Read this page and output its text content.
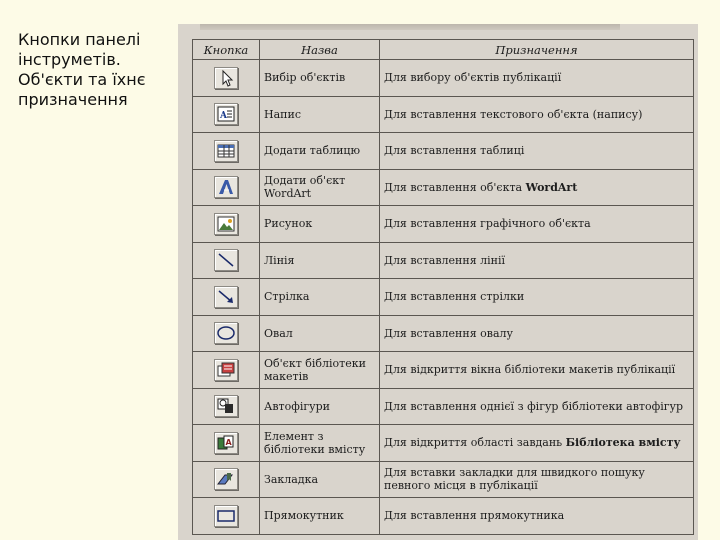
Кнопки панелі інструметів. Об'єкти та їхнє призначення
Кнопка	Назва	Призначення

	Вибір об'єктів	Для вибору об'єктів публікації

A	Напис	Для вставлення текстового об'єкта (напису)

	Додати таблицю	Для вставлення таблиці

	Додати об'єкт WordArt	Для вставлення об'єкта WordArt

	Рисунок	Для вставлення графічного об'єкта

	Лінія	Для вставлення лінії

	Стрілка	Для вставлення стрілки

	Овал	Для вставлення овалу

	Об'єкт бібліотеки макетів	Для відкриття вікна бібліотеки макетів публікації

	Автофігури	Для вставлення однієї з фігур бібліотеки автофігур

A	Елемент з бібліотеки вмісту	Для відкриття області завдань Бібліотека вмісту

	Закладка	Для вставки закладки для швидкого пошуку певного місця в публікації

	Прямокутник	Для вставлення прямокутника
